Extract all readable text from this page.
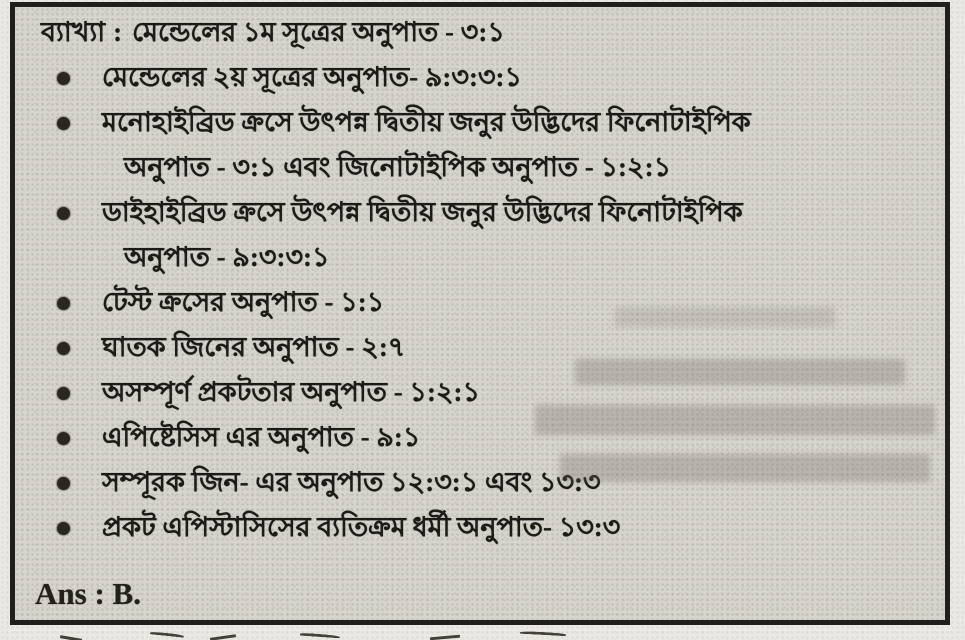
ব্যাখ্যা : মেন্ডেলের ১ম সূত্রের অনুপাত - ৩:১
মেন্ডেলের ২য় সূত্রের অনুপাত- ৯:৩:৩:১
মনোহাইব্রিড ক্রসে উৎপন্ন দ্বিতীয় জনুর উদ্ভিদের ফিনোটাইপিক
অনুপাত - ৩:১ এবং জিনোটাইপিক অনুপাত - ১:২:১
ডাইহাইব্রিড ক্রসে উৎপন্ন দ্বিতীয় জনুর উদ্ভিদের ফিনোটাইপিক
অনুপাত - ৯:৩:৩:১
টেস্ট ক্রসের অনুপাত - ১:১
ঘাতক জিনের অনুপাত - ২:৭
অসম্পূর্ণ প্রকটতার অনুপাত - ১:২:১
এপিষ্টেসিস এর অনুপাত - ৯:১
সম্পূরক জিন- এর অনুপাত ১২:৩:১ এবং ১৩:৩
প্রকট এপিস্টাসিসের ব্যতিক্রম ধর্মী অনুপাত- ১৩:৩
Ans : B.
